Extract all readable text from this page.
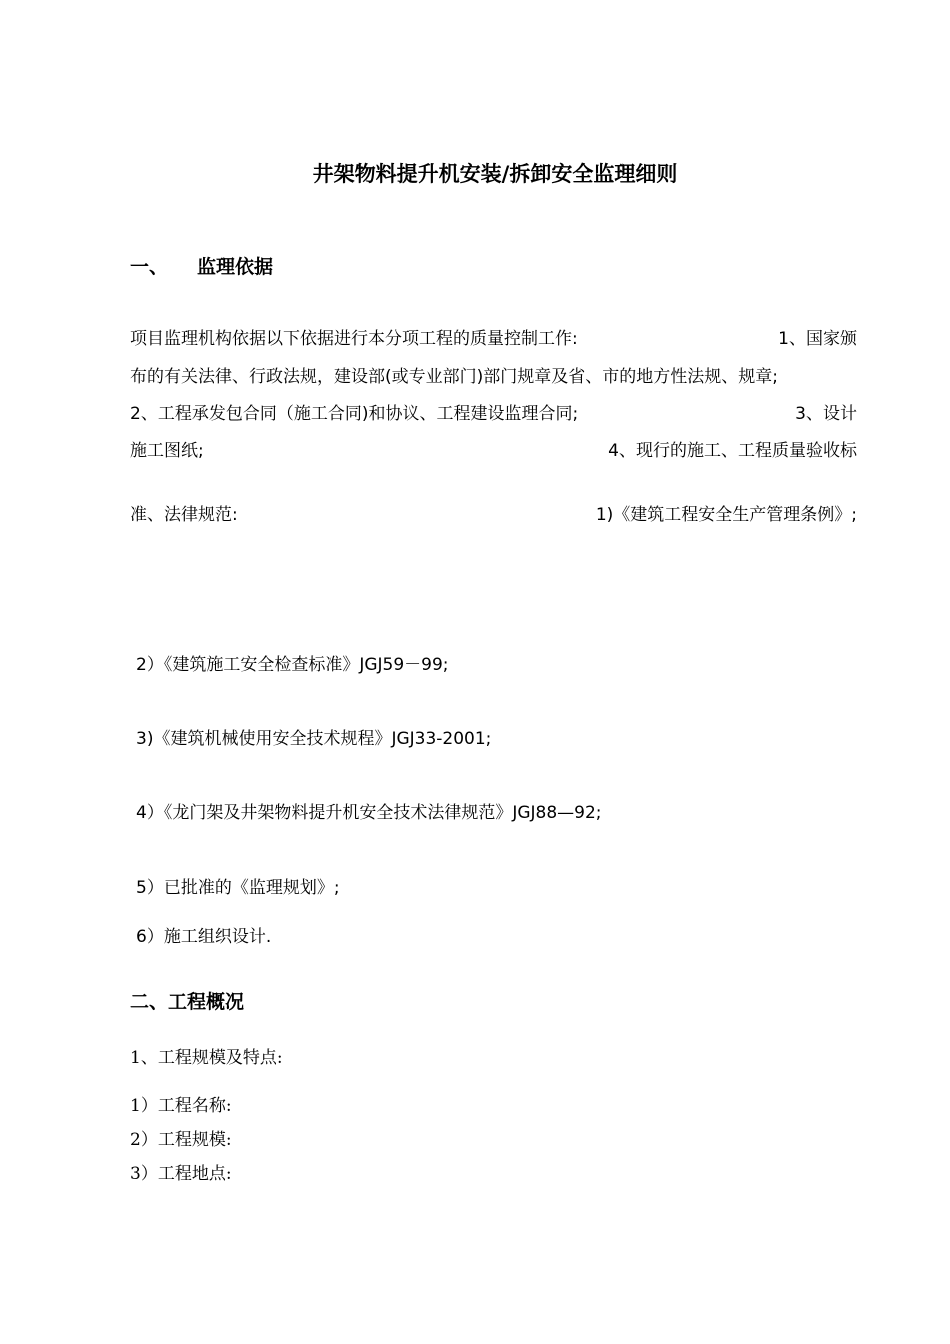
井架物料提升机安装/拆卸安全监理细则
一、 监理依据
项目监理机构依据以下依据进行本分项工程的质量控制工作:	1、国家颁
布的有关法律、行政法规，建设部(或专业部门)部门规章及省、市的地方性法规、规章;
2、工程承发包合同（施工合同)和协议、工程建设监理合同;	3、设计
施工图纸;	4、现行的施工、工程质量验收标
准、法律规范:	1)《建筑工程安全生产管理条例》;
2）《建筑施工安全检查标准》JGJ59－99;
3)《建筑机械使用安全技术规程》JGJ33-2001;
4）《龙门架及井架物料提升机安全技术法律规范》JGJ88—92;
5）已批准的《监理规划》;
6）施工组织设计.
二、工程概况
1、工程规模及特点:
1）工程名称:
2）工程规模:
3）工程地点:
